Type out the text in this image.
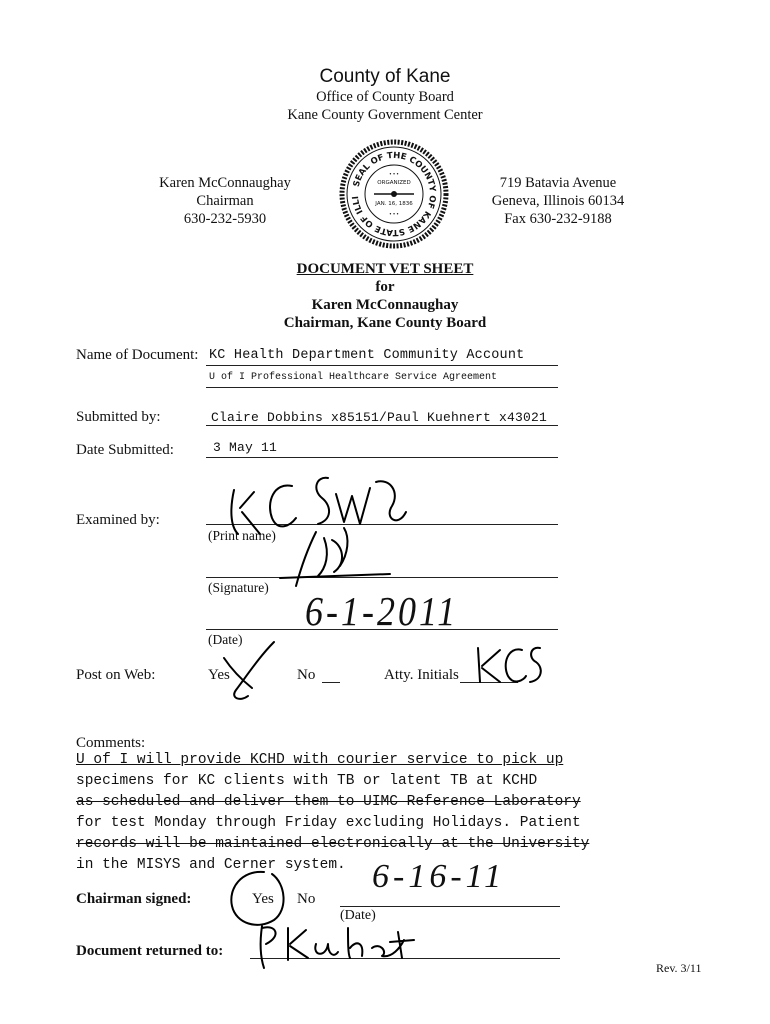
County of Kane
Office of County Board
Kane County Government Center
Karen McConnaughay
Chairman
630-232-5930
SEAL OF THE COUNTY OF KANE STATE OF ILLI
ORGANIZED
JAN. 16, 1836
• • •
• • •
719 Batavia Avenue
Geneva, Illinois 60134
Fax 630-232-9188
DOCUMENT VET SHEET
for
Karen McConnaughay
Chairman, Kane County Board
Name of Document: KC Health Department Community Account
U of I Professional Healthcare Service Agreement
Submitted by:	Claire Dobbins x85151/Paul Kuehnert x43021
Date Submitted:	3 May 11
Examined by:
(Print name)
(Signature)
(Date)
6-1-2011
Post on Web:	Yes	No	Atty. Initials
Comments:
U of I will provide KCHD with courier service to pick up
specimens for KC clients with TB or latent TB at KCHD
as scheduled and deliver them to UIMC Reference Laboratory
for test Monday through Friday excluding Holidays. Patient
records will be maintained electronically at the University
in the MISYS and Cerner system.
Chairman signed:	Yes No
6-16-11
(Date)
Document returned to:
Rev. 3/11
